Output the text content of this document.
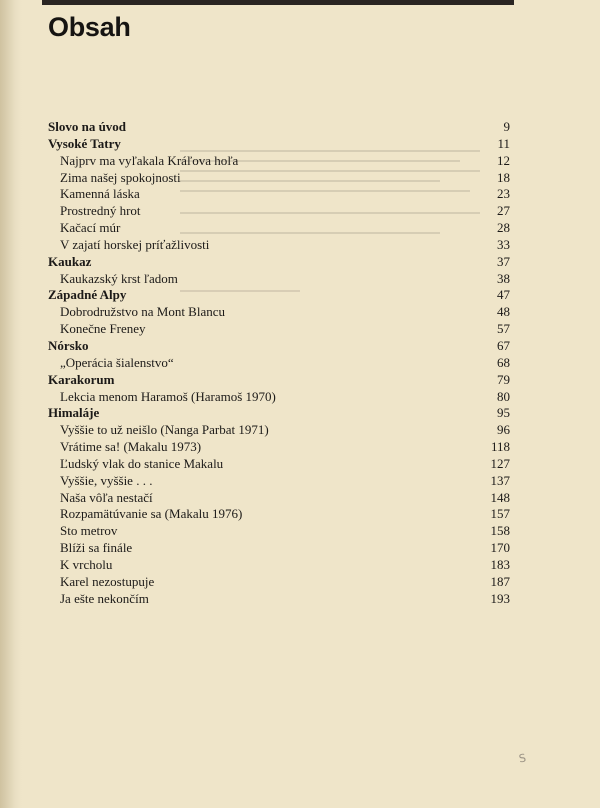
Obsah
Slovo na úvod	9
Vysoké Tatry	11
Najprv ma vyľakala Kráľova hoľa	12
Zima našej spokojnosti	18
Kamenná láska	23
Prostredný hrot	27
Kačací múr	28
V zajatí horskej príťažlivosti	33
Kaukaz	37
Kaukazský krst ľadom	38
Západné Alpy	47
Dobrodružstvo na Mont Blancu	48
Konečne Freney	57
Nórsko	67
„Operácia šialenstvo“	68
Karakorum	79
Lekcia menom Haramoš (Haramoš 1970)	80
Himaláje	95
Vyššie to už neišlo (Nanga Parbat 1971)	96
Vrátime sa! (Makalu 1973)	118
Ľudský vlak do stanice Makalu	127
Vyššie, vyššie . . .	137
Naša vôľa nestačí	148
Rozpamätúvanie sa (Makalu 1976)	157
Sto metrov	158
Blíži sa finále	170
K vrcholu	183
Karel nezostupuje	187
Ja ešte nekončím	193
S
